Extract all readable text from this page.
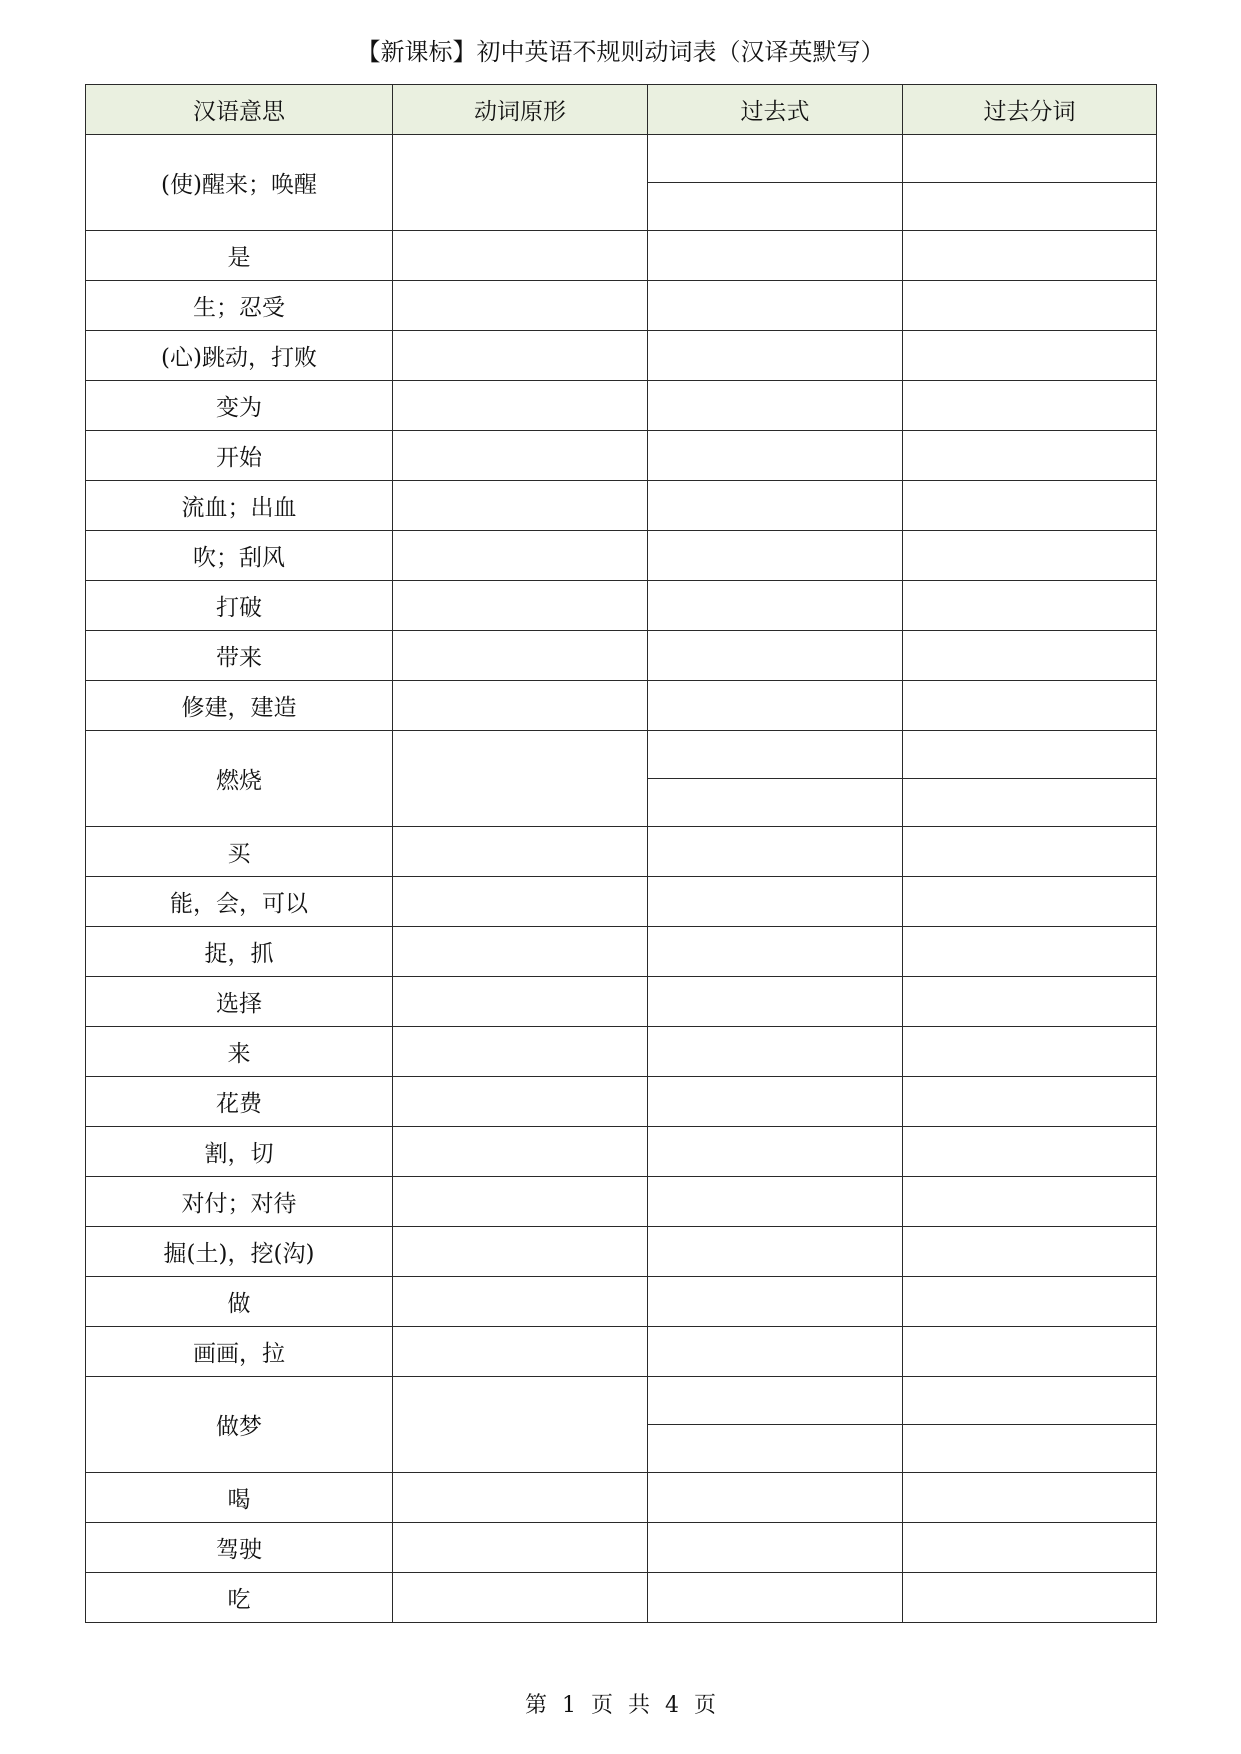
【新课标】初中英语不规则动词表（汉译英默写）
汉语意思	动词原形	过去式	过去分词
(使)醒来；唤醒			

是			
生；忍受			
(心)跳动，打败			
变为			
开始			
流血；出血			
吹；刮风			
打破			
带来			
修建，建造			
燃烧			

买			
能，会，可以			
捉，抓			
选择			
来			
花费			
割，切			
对付；对待			
掘(土)，挖(沟)			
做			
画画，拉			
做梦			

喝			
驾驶			
吃			
第 1 页 共 4 页
